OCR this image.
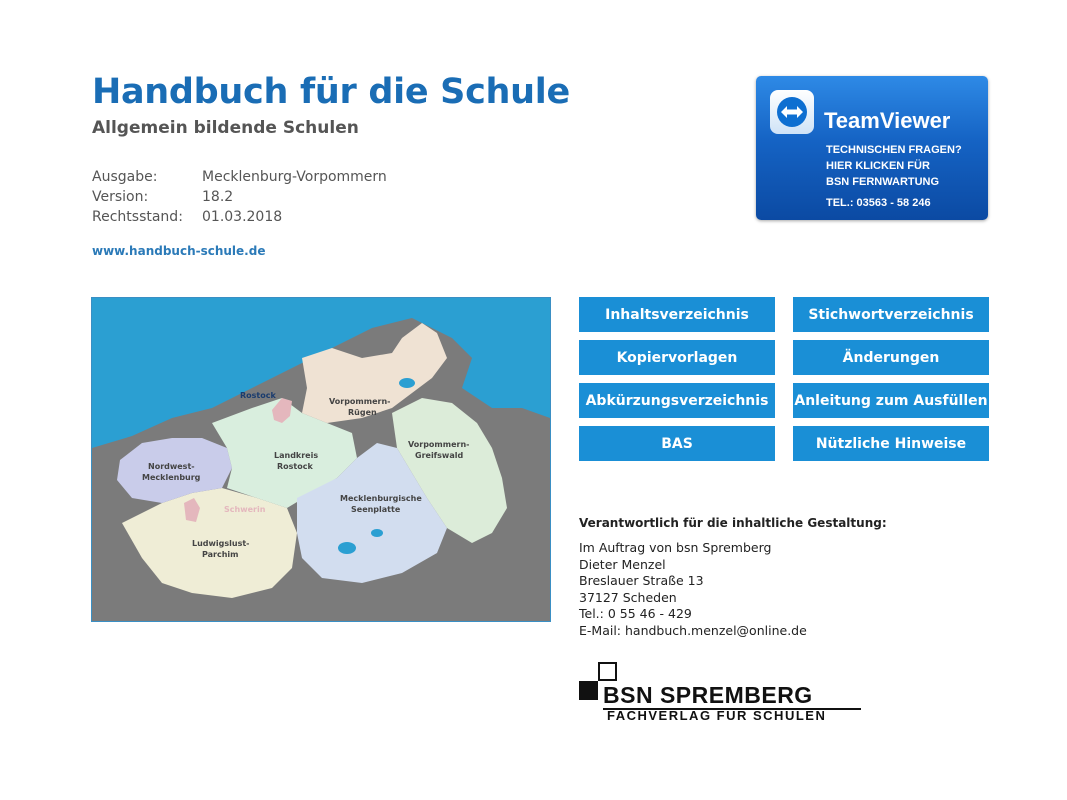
Handbuch für die Schule
Allgemein bildende Schulen
Ausgabe:	Mecklenburg-Vorpommern
Version:	18.2
Rechtsstand: 01.03.2018
www.handbuch-schule.de
TeamViewer
TECHNISCHEN FRAGEN?
HIER KLICKEN FÜR
BSN FERNWARTUNG
TEL.: 03563 - 58 246
Rostock
Schwerin
Nordwest-
Mecklenburg
Landkreis
Rostock
Vorpommern-
Rügen
Vorpommern-
Greifswald
Mecklenburgische
Seenplatte
Ludwigslust-
Parchim
Inhaltsverzeichnis	Stichwortverzeichnis
Kopiervorlagen	Änderungen
Abkürzungsverzeichnis	Anleitung zum Ausfüllen
BAS	Nützliche Hinweise
Verantwortlich für die inhaltliche Gestaltung:
Im Auftrag von bsn Spremberg
Dieter Menzel
Breslauer Straße 13
37127 Scheden
Tel.: 0 55 46 - 429
E-Mail: handbuch.menzel@online.de
BSN SPREMBERG
FACHVERLAG FÜR SCHULEN
